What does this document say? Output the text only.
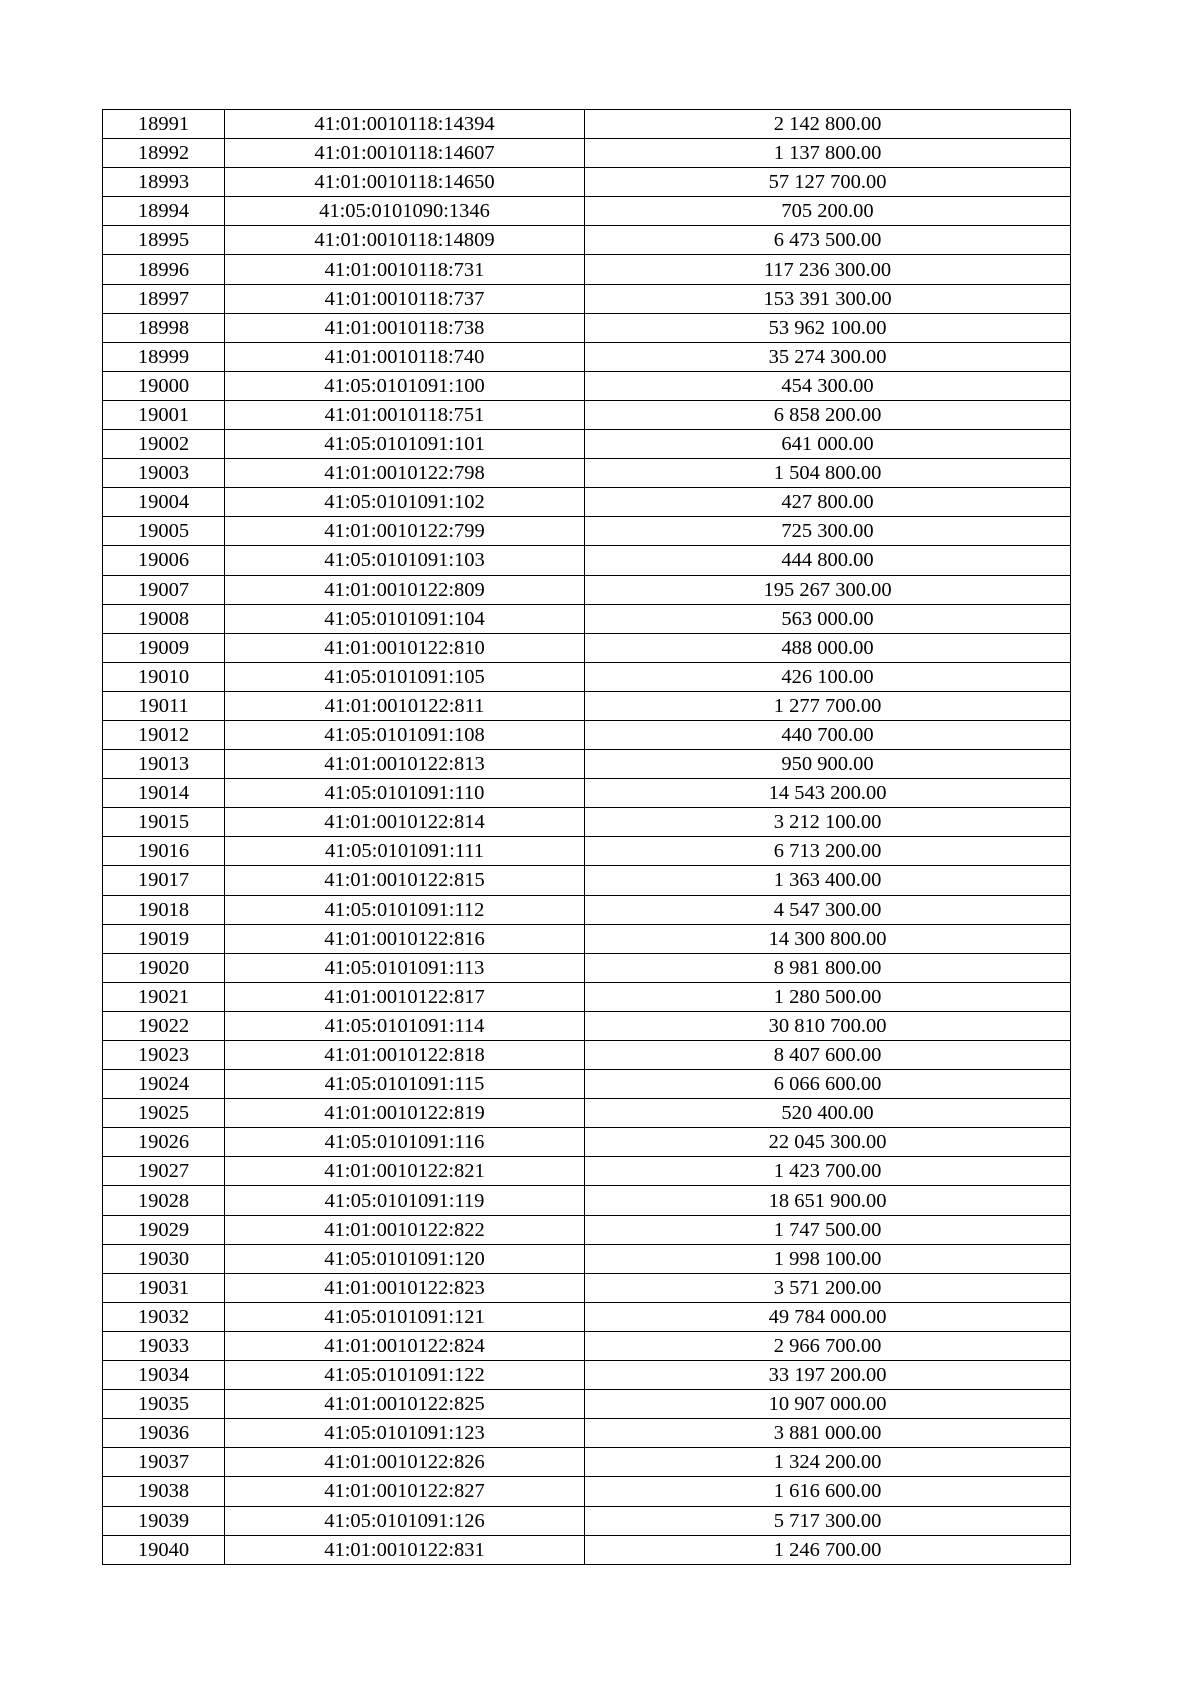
18991	41:01:0010118:14394	2 142 800.00
18992	41:01:0010118:14607	1 137 800.00
18993	41:01:0010118:14650	57 127 700.00
18994	41:05:0101090:1346	705 200.00
18995	41:01:0010118:14809	6 473 500.00
18996	41:01:0010118:731	117 236 300.00
18997	41:01:0010118:737	153 391 300.00
18998	41:01:0010118:738	53 962 100.00
18999	41:01:0010118:740	35 274 300.00
19000	41:05:0101091:100	454 300.00
19001	41:01:0010118:751	6 858 200.00
19002	41:05:0101091:101	641 000.00
19003	41:01:0010122:798	1 504 800.00
19004	41:05:0101091:102	427 800.00
19005	41:01:0010122:799	725 300.00
19006	41:05:0101091:103	444 800.00
19007	41:01:0010122:809	195 267 300.00
19008	41:05:0101091:104	563 000.00
19009	41:01:0010122:810	488 000.00
19010	41:05:0101091:105	426 100.00
19011	41:01:0010122:811	1 277 700.00
19012	41:05:0101091:108	440 700.00
19013	41:01:0010122:813	950 900.00
19014	41:05:0101091:110	14 543 200.00
19015	41:01:0010122:814	3 212 100.00
19016	41:05:0101091:111	6 713 200.00
19017	41:01:0010122:815	1 363 400.00
19018	41:05:0101091:112	4 547 300.00
19019	41:01:0010122:816	14 300 800.00
19020	41:05:0101091:113	8 981 800.00
19021	41:01:0010122:817	1 280 500.00
19022	41:05:0101091:114	30 810 700.00
19023	41:01:0010122:818	8 407 600.00
19024	41:05:0101091:115	6 066 600.00
19025	41:01:0010122:819	520 400.00
19026	41:05:0101091:116	22 045 300.00
19027	41:01:0010122:821	1 423 700.00
19028	41:05:0101091:119	18 651 900.00
19029	41:01:0010122:822	1 747 500.00
19030	41:05:0101091:120	1 998 100.00
19031	41:01:0010122:823	3 571 200.00
19032	41:05:0101091:121	49 784 000.00
19033	41:01:0010122:824	2 966 700.00
19034	41:05:0101091:122	33 197 200.00
19035	41:01:0010122:825	10 907 000.00
19036	41:05:0101091:123	3 881 000.00
19037	41:01:0010122:826	1 324 200.00
19038	41:01:0010122:827	1 616 600.00
19039	41:05:0101091:126	5 717 300.00
19040	41:01:0010122:831	1 246 700.00
